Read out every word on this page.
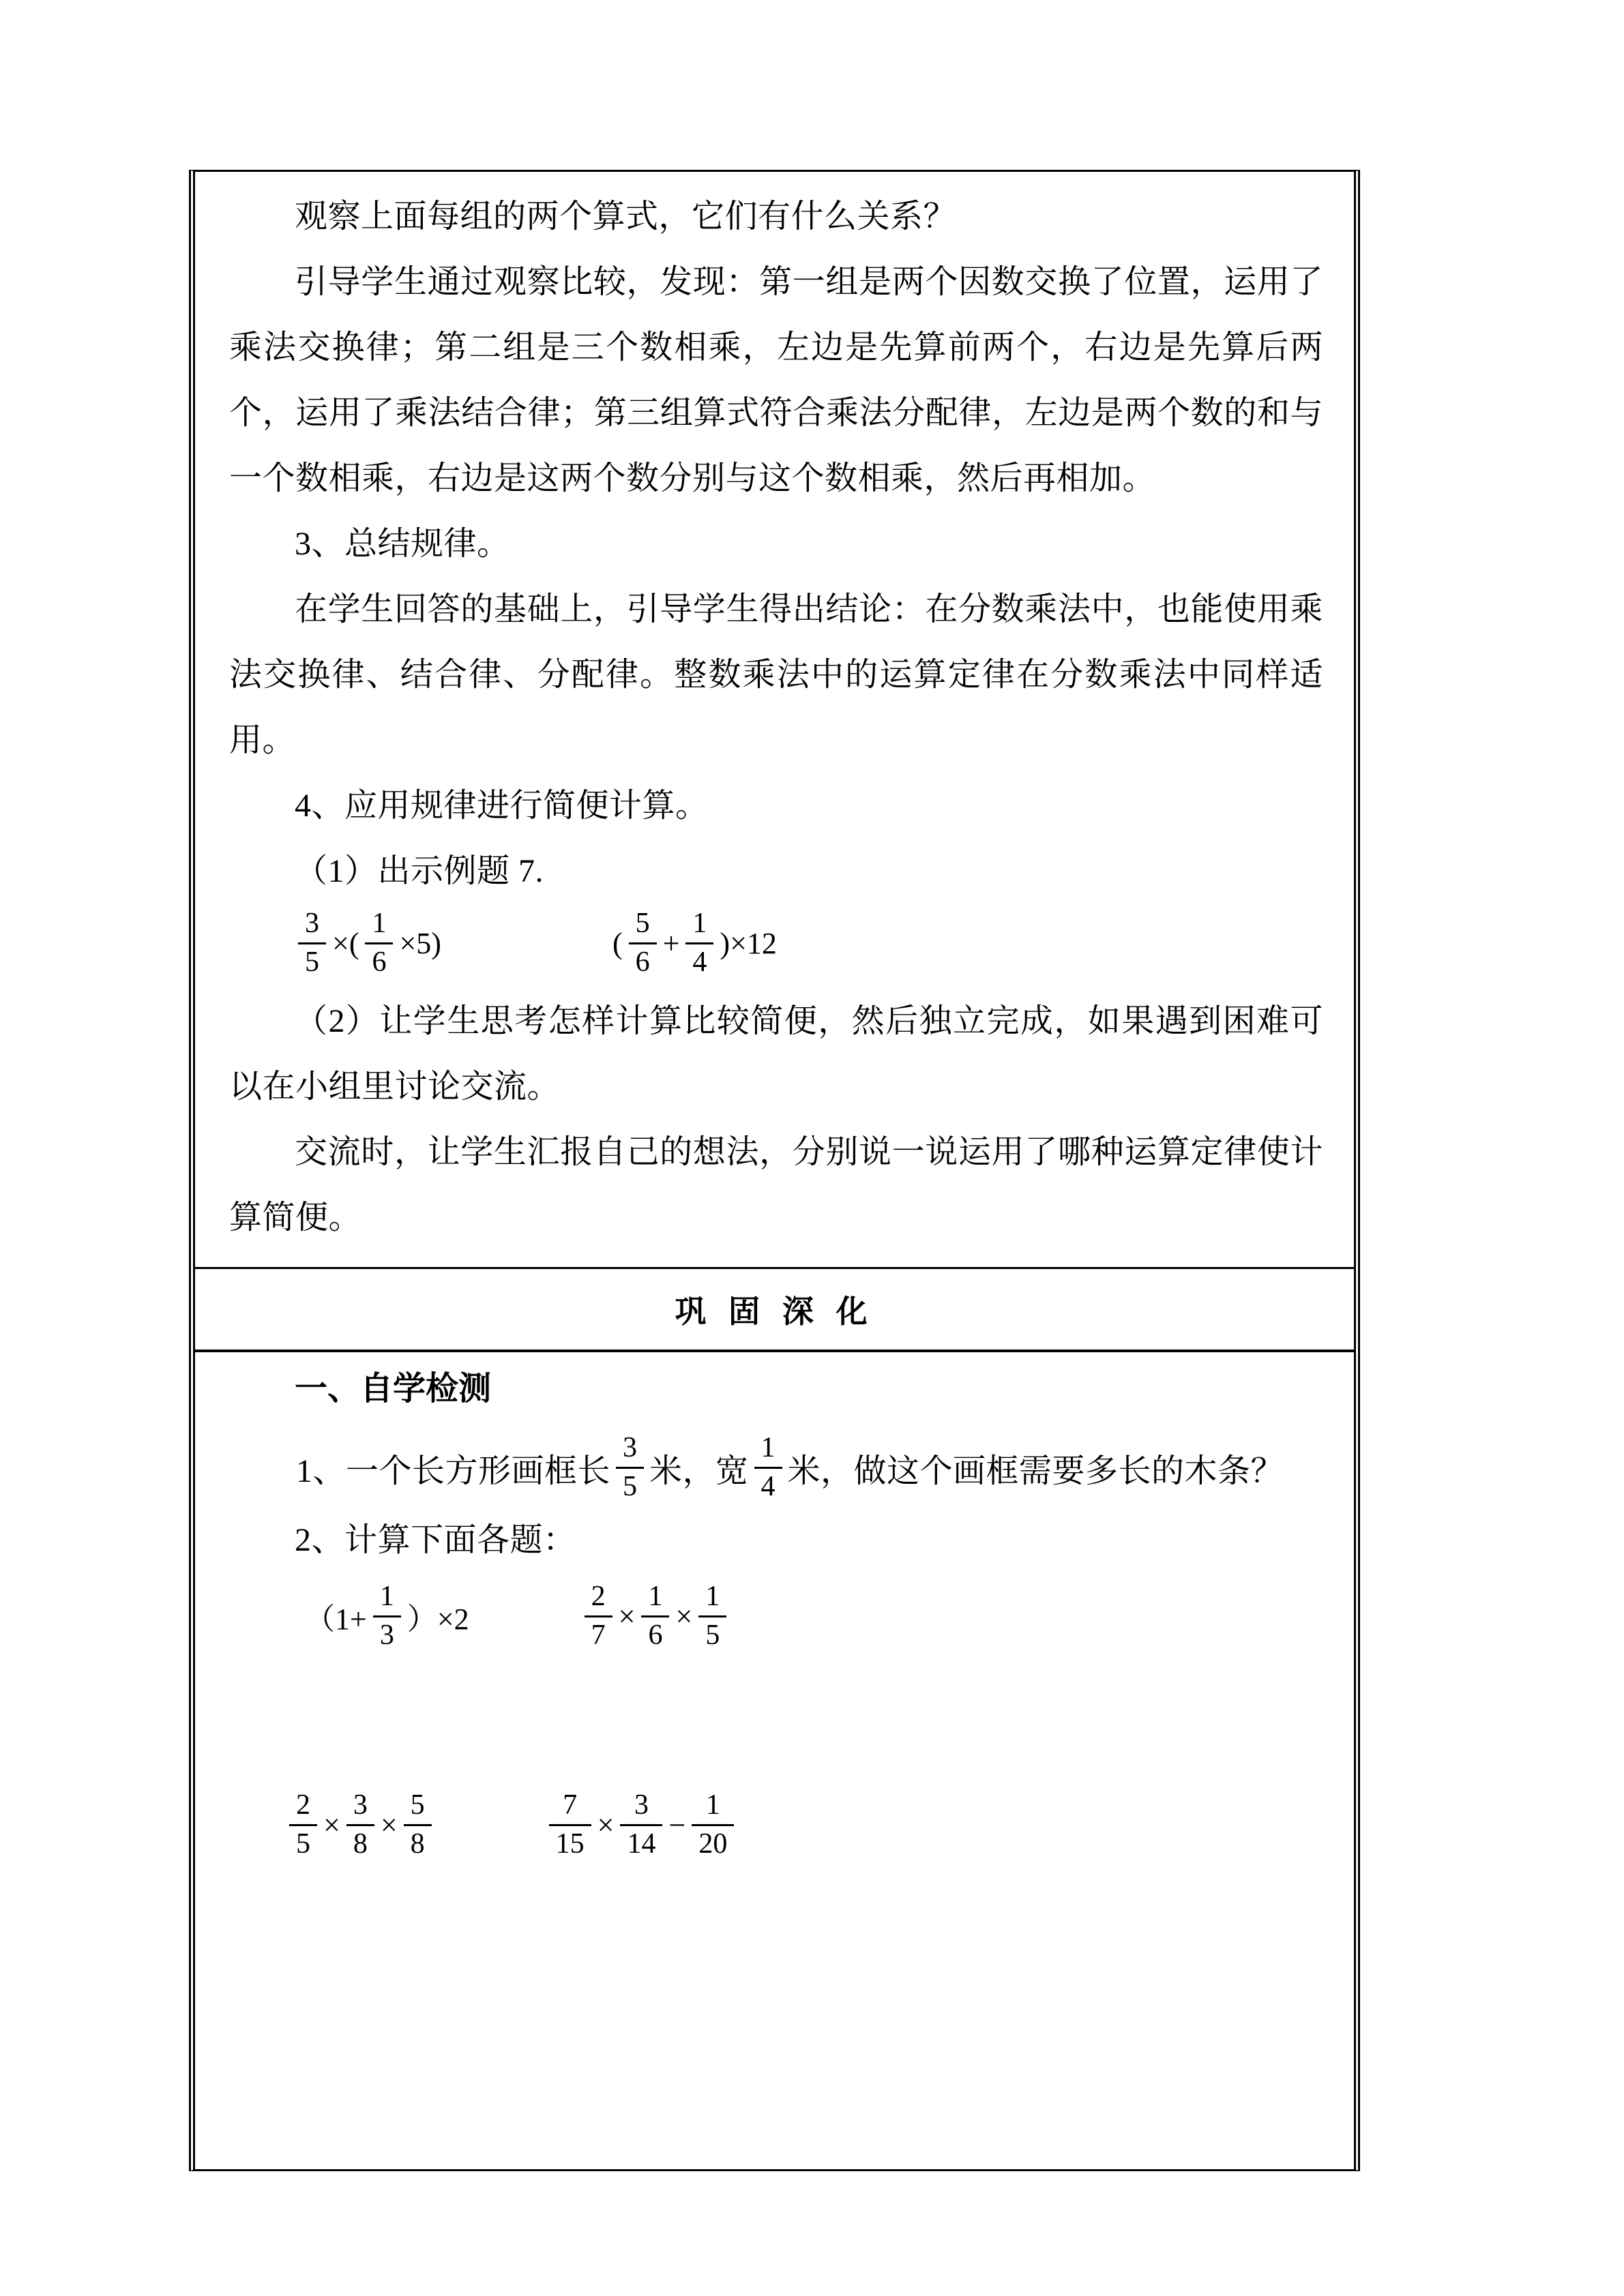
观察上面每组的两个算式，它们有什么关系？

引导学生通过观察比较，发现：第一组是两个因数交换了位置，运用了乘法交换律；第二组是三个数相乘，左边是先算前两个，右边是先算后两个，运用了乘法结合律；第三组算式符合乘法分配律，左边是两个数的和与一个数相乘，右边是这两个数分别与这个数相乘，然后再相加。

3、总结规律。

在学生回答的基础上，引导学生得出结论：在分数乘法中，也能使用乘法交换律、结合律、分配律。整数乘法中的运算定律在分数乘法中同样适用。

4、应用规律进行简便计算。

（1）出示例题 7.

$\frac{3}{5}$ ×( $\frac{1}{6} \times 5$)	( $\frac{5}{6} + \frac{1}{4} )\times 12$

（2）让学生思考怎样计算比较简便，然后独立完成，如果遇到困难可以在小组里讨论交流。

交流时，让学生汇报自己的想法，分别说一说运用了哪种运算定律使计算简便。

巩 固 深 化

一、自学检测

1、一个长方形画框长 $\frac{3}{5}$ 米，宽 $\frac{1}{4}$ 米，做这个画框需要多长的木条？

2、计算下面各题：

$(1+ \frac{1}{3} )\times 2$	$\frac{2}{7} \times \frac{1}{6} \times \frac{1}{5}$
$\frac{2}{5} \times \frac{3}{8} \times \frac{5}{8}$	$\frac{7}{15} \times \frac{3}{14} - \frac{1}{20}$
